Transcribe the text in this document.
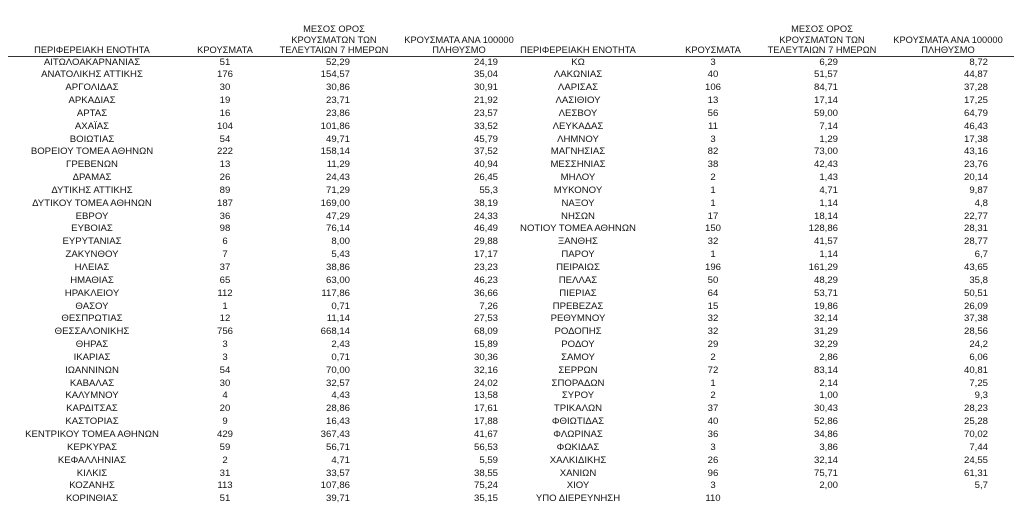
ΠΕΡΙΦΕΡΕΙΑΚΗ ΕΝΟΤΗΤΑ	ΚΡΟΥΣΜΑΤΑ	ΜΕΣΟΣ ΟΡΟΣ ΚΡΟΥΣΜΑΤΩΝ ΤΩΝ ΤΕΛΕΥΤΑΙΩΝ 7 ΗΜΕΡΩΝ	ΚΡΟΥΣΜΑΤΑ ΑΝΑ 100000 ΠΛΗΘΥΣΜΟ
ΑΙΤΩΛΟΑΚΑΡΝΑΝΙΑΣ	51	52,29	24,19
ΑΝΑΤΟΛΙΚΗΣ ΑΤΤΙΚΗΣ	176	154,57	35,04
ΑΡΓΟΛΙΔΑΣ	30	30,86	30,91
ΑΡΚΑΔΙΑΣ	19	23,71	21,92
ΑΡΤΑΣ	16	23,86	23,57
ΑΧΑΪΑΣ	104	101,86	33,52
ΒΟΙΩΤΙΑΣ	54	49,71	45,79
ΒΟΡΕΙΟΥ ΤΟΜΕΑ ΑΘΗΝΩΝ	222	158,14	37,52
ΓΡΕΒΕΝΩΝ	13	11,29	40,94
ΔΡΑΜΑΣ	26	24,43	26,45
ΔΥΤΙΚΗΣ ΑΤΤΙΚΗΣ	89	71,29	55,3
ΔΥΤΙΚΟΥ ΤΟΜΕΑ ΑΘΗΝΩΝ	187	169,00	38,19
ΕΒΡΟΥ	36	47,29	24,33
ΕΥΒΟΙΑΣ	98	76,14	46,49
ΕΥΡΥΤΑΝΙΑΣ	6	8,00	29,88
ΖΑΚΥΝΘΟΥ	7	5,43	17,17
ΗΛΕΙΑΣ	37	38,86	23,23
ΗΜΑΘΙΑΣ	65	63,00	46,23
ΗΡΑΚΛΕΙΟΥ	112	117,86	36,66
ΘΑΣΟΥ	1	0,71	7,26
ΘΕΣΠΡΩΤΙΑΣ	12	11,14	27,53
ΘΕΣΣΑΛΟΝΙΚΗΣ	756	668,14	68,09
ΘΗΡΑΣ	3	2,43	15,89
ΙΚΑΡΙΑΣ	3	0,71	30,36
ΙΩΑΝΝΙΝΩΝ	54	70,00	32,16
ΚΑΒΑΛΑΣ	30	32,57	24,02
ΚΑΛΥΜΝΟΥ	4	4,43	13,58
ΚΑΡΔΙΤΣΑΣ	20	28,86	17,61
ΚΑΣΤΟΡΙΑΣ	9	16,43	17,88
ΚΕΝΤΡΙΚΟΥ ΤΟΜΕΑ ΑΘΗΝΩΝ	429	367,43	41,67
ΚΕΡΚΥΡΑΣ	59	56,71	56,53
ΚΕΦΑΛΛΗΝΙΑΣ	2	4,71	5,59
ΚΙΛΚΙΣ	31	33,57	38,55
ΚΟΖΑΝΗΣ	113	107,86	75,24
ΚΟΡΙΝΘΙΑΣ	51	39,71	35,15
ΠΕΡΙΦΕΡΕΙΑΚΗ ΕΝΟΤΗΤΑ	ΚΡΟΥΣΜΑΤΑ	ΜΕΣΟΣ ΟΡΟΣ ΚΡΟΥΣΜΑΤΩΝ ΤΩΝ ΤΕΛΕΥΤΑΙΩΝ 7 ΗΜΕΡΩΝ	ΚΡΟΥΣΜΑΤΑ ΑΝΑ 100000 ΠΛΗΘΥΣΜΟ
ΚΩ	3	6,29	8,72
ΛΑΚΩΝΙΑΣ	40	51,57	44,87
ΛΑΡΙΣΑΣ	106	84,71	37,28
ΛΑΣΙΘΙΟΥ	13	17,14	17,25
ΛΕΣΒΟΥ	56	59,00	64,79
ΛΕΥΚΑΔΑΣ	11	7,14	46,43
ΛΗΜΝΟΥ	3	1,29	17,38
ΜΑΓΝΗΣΙΑΣ	82	73,00	43,16
ΜΕΣΣΗΝΙΑΣ	38	42,43	23,76
ΜΗΛΟΥ	2	1,43	20,14
ΜΥΚΟΝΟΥ	1	4,71	9,87
ΝΑΞΟΥ	1	1,14	4,8
ΝΗΣΩΝ	17	18,14	22,77
ΝΟΤΙΟΥ ΤΟΜΕΑ ΑΘΗΝΩΝ	150	128,86	28,31
ΞΑΝΘΗΣ	32	41,57	28,77
ΠΑΡΟΥ	1	1,14	6,7
ΠΕΙΡΑΙΩΣ	196	161,29	43,65
ΠΕΛΛΑΣ	50	48,29	35,8
ΠΙΕΡΙΑΣ	64	53,71	50,51
ΠΡΕΒΕΖΑΣ	15	19,86	26,09
ΡΕΘΥΜΝΟΥ	32	32,14	37,38
ΡΟΔΟΠΗΣ	32	31,29	28,56
ΡΟΔΟΥ	29	32,29	24,2
ΣΑΜΟΥ	2	2,86	6,06
ΣΕΡΡΩΝ	72	83,14	40,81
ΣΠΟΡΑΔΩΝ	1	2,14	7,25
ΣΥΡΟΥ	2	1,00	9,3
ΤΡΙΚΑΛΩΝ	37	30,43	28,23
ΦΘΙΩΤΙΔΑΣ	40	52,86	25,28
ΦΛΩΡΙΝΑΣ	36	34,86	70,02
ΦΩΚΙΔΑΣ	3	3,86	7,44
ΧΑΛΚΙΔΙΚΗΣ	26	32,14	24,55
ΧΑΝΙΩΝ	96	75,71	61,31
ΧΙΟΥ	3	2,00	5,7
ΥΠΟ ΔΙΕΡΕΥΝΗΣΗ	110		
